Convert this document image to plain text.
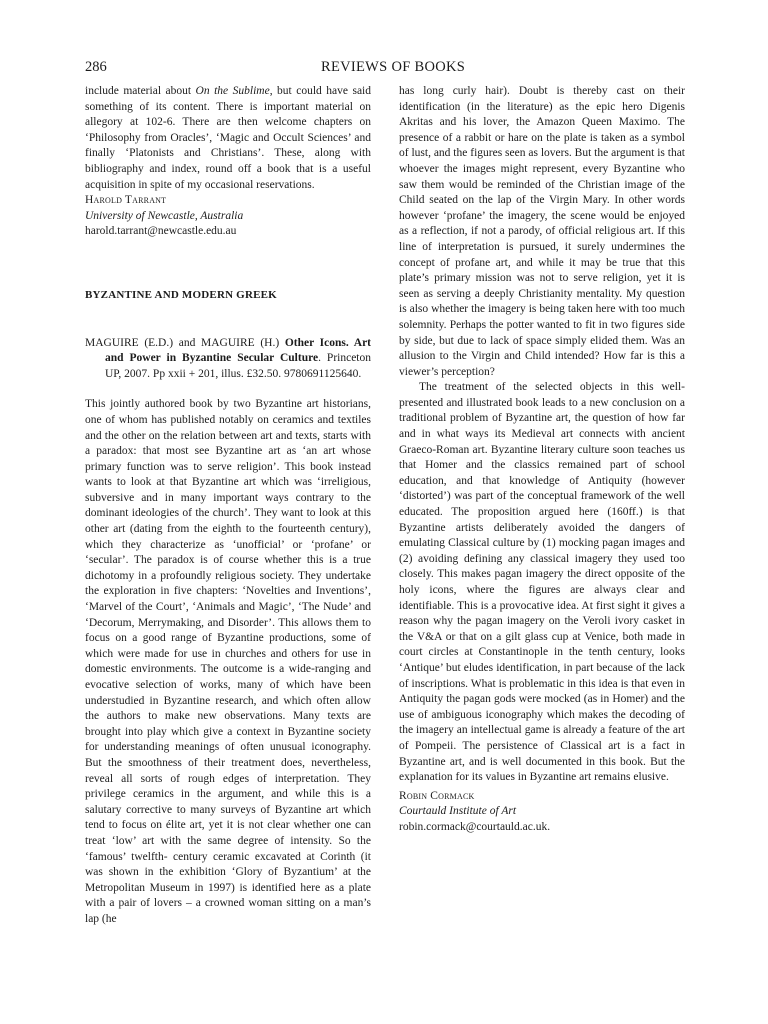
286	REVIEWS OF BOOKS

include material about On the Sublime, but could have said something of its content. There is important material on allegory at 102-6. There are then welcome chapters on ‘Philosophy from Oracles’, ‘Magic and Occult Sciences’ and finally ‘Platonists and Christians’. These, along with bibliography and index, round off a book that is a useful acquisition in spite of my occasional reservations.

Harold Tarrant

University of Newcastle, Australia

harold.tarrant@newcastle.edu.au

BYZANTINE AND MODERN GREEK

MAGUIRE (E.D.) and MAGUIRE (H.) Other Icons. Art and Power in Byzantine Secular Culture. Princeton UP, 2007. Pp xxii + 201, illus. £32.50. 9780691125640.

This jointly authored book by two Byzantine art historians, one of whom has published notably on ceramics and textiles and the other on the relation between art and texts, starts with a paradox: that most see Byzantine art as ‘an art whose primary function was to serve religion’. This book instead wants to look at that Byzantine art which was ‘irreligious, subversive and in many important ways contrary to the dominant ideologies of the church’. They want to look at this other art (dating from the eighth to the fourteenth century), which they characterize as ‘unofficial’ or ‘profane’ or ‘secular’. The paradox is of course whether this is a true dichotomy in a profoundly religious society. They undertake the exploration in five chapters: ‘Novelties and Inventions’, ‘Marvel of the Court’, ‘Animals and Magic’, ‘The Nude’ and ‘Decorum, Merrymaking, and Disorder’. This allows them to focus on a good range of Byzantine productions, some of which were made for use in churches and others for use in domestic environments. The outcome is a wide-ranging and evocative selection of works, many of which have been understudied in Byzantine research, and which often allow the authors to make new observations. Many texts are brought into play which give a context in Byzantine society for understanding meanings of often unusual iconography. But the smoothness of their treatment does, nevertheless, reveal all sorts of rough edges of interpretation. They privilege ceramics in the argument, and while this is a salutary corrective to many surveys of Byzantine art which tend to focus on élite art, yet it is not clear whether one can treat ‘low’ art with the same degree of intensity. So the ‘famous’ twelfth- century ceramic excavated at Corinth (it was shown in the exhibition ‘Glory of Byzantium’ at the Metropolitan Museum in 1997) is identified here as a plate with a pair of lovers – a crowned woman sitting on a man’s lap (he

has long curly hair). Doubt is thereby cast on their identification (in the literature) as the epic hero Digenis Akritas and his lover, the Amazon Queen Maximo. The presence of a rabbit or hare on the plate is taken as a symbol of lust, and the figures seen as lovers. But the argument is that whoever the images might represent, every Byzantine who saw them would be reminded of the Christian image of the Child seated on the lap of the Virgin Mary. In other words however ‘profane’ the imagery, the scene would be enjoyed as a reflection, if not a parody, of official religious art. If this line of interpretation is pursued, it surely undermines the concept of profane art, and while it may be true that this plate’s primary mission was not to serve religion, yet it is seen as serving a deeply Christianity mentality. My question is also whether the imagery is being taken here with too much solemnity. Perhaps the potter wanted to fit in two figures side by side, but due to lack of space simply elided them. Was an allusion to the Virgin and Child intended? How far is this a viewer’s perception?

The treatment of the selected objects in this well-presented and illustrated book leads to a new conclusion on a traditional problem of Byzantine art, the question of how far and in what ways its Medieval art connects with ancient Graeco-Roman art. Byzantine literary culture soon teaches us that Homer and the classics remained part of school education, and that knowledge of Antiquity (however ‘distorted’) was part of the conceptual framework of the well educated. The proposition argued here (160ff.) is that Byzantine artists deliberately avoided the dangers of emulating Classical culture by (1) mocking pagan images and (2) avoiding defining any classical imagery they used too closely. This makes pagan imagery the direct opposite of the holy icons, where the figures are always clear and identifiable. This is a provocative idea. At first sight it gives a reason why the pagan imagery on the Veroli ivory casket in the V&A or that on a gilt glass cup at Venice, both made in court circles at Constantinople in the tenth century, looks ‘Antique’ but eludes identification, in part because of the lack of inscriptions. What is problematic in this idea is that even in Antiquity the pagan gods were mocked (as in Homer) and the use of ambiguous iconography which makes the decoding of the imagery an intellectual game is already a feature of the art of Pompeii. The persistence of Classical art is a fact in Byzantine art, and is well documented in this book. But the explanation for its values in Byzantine art remains elusive.

Robin Cormack

Courtauld Institute of Art

robin.cormack@courtauld.ac.uk.
